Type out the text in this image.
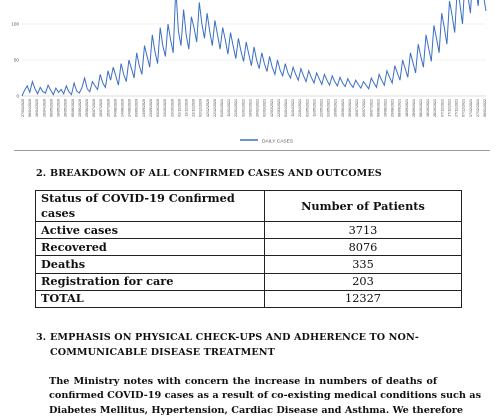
0
50
100
27/03/2020 06/04/2020 16/04/2020 26/04/2020 06/05/2020 16/05/2020 26/05/2020 05/06/2020 15/06/2020 25/06/2020 05/07/2020 15/07/2020 25/07/2020 04/08/2020 14/08/2020 24/08/2020 03/09/2020 13/09/2020 23/09/2020 03/10/2020 13/10/2020 23/10/2020 02/11/2020 12/11/2020 22/11/2020 02/12/2020 12/12/2020 22/12/2020 01/01/2021 11/01/2021 21/01/2021 31/01/2021 10/02/2021 20/02/2021 02/03/2021 12/03/2021 22/03/2021 01/04/2021 11/04/2021 21/04/2021 01/05/2021 11/05/2021 21/05/2021 31/05/2021 10/06/2021 20/06/2021 30/06/2021 10/07/2021 20/07/2021 30/07/2021 09/08/2021 19/08/2021 29/08/2021 08/09/2021 18/09/2021 28/09/2021 08/10/2021 18/10/2021 28/10/2021 07/11/2021 17/11/2021 27/11/2021 07/12/2021 17/12/2021 27/12/2021 06/01/2022
DAILY CASES
2. BREAKDOWN OF ALL CONFIRMED CASES AND OUTCOMES
Status of COVID-19 Confirmed cases	Number of Patients
Active cases	3713
Recovered	8076
Deaths	335
Registration for care	203
TOTAL	12327
3. EMPHASIS ON PHYSICAL CHECK-UPS AND ADHERENCE TO NON-
COMMUNICABLE DISEASE TREATMENT
The Ministry notes with concern the increase in numbers of deaths of
confirmed COVID-19 cases as a result of co-existing medical conditions such as
Diabetes Mellitus, Hypertension, Cardiac Disease and Asthma. We therefore
